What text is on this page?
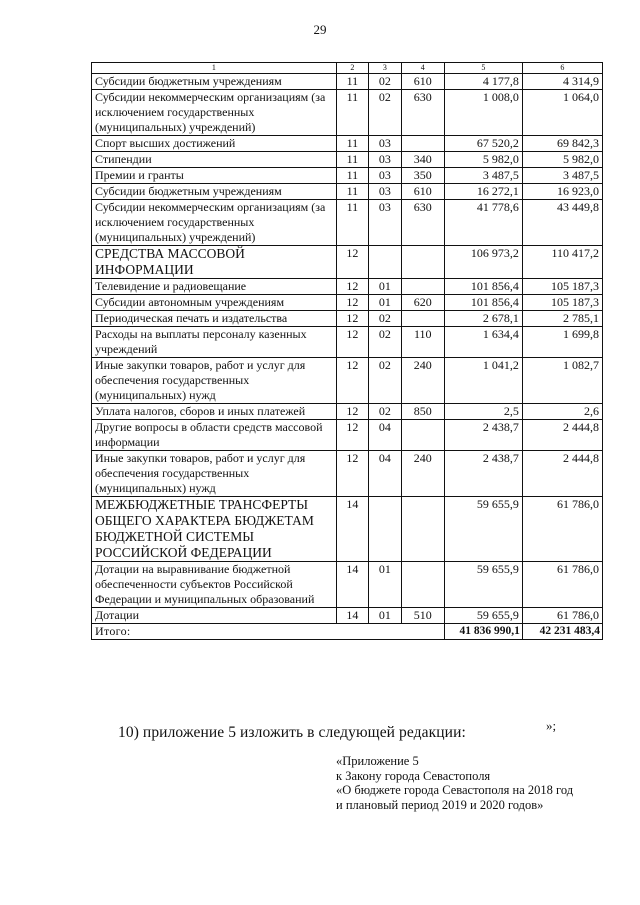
29
1	2	3	4	5	6
Субсидии бюджетным учреждениям	11	02	610	4 177,8	4 314,9
Субсидии некоммерческим организациям (за исключением государственных (муниципальных) учреждений)	11	02	630	1 008,0	1 064,0
Спорт высших достижений	11	03		67 520,2	69 842,3
Стипендии	11	03	340	5 982,0	5 982,0
Премии и гранты	11	03	350	3 487,5	3 487,5
Субсидии бюджетным учреждениям	11	03	610	16 272,1	16 923,0
Субсидии некоммерческим организациям (за исключением государственных (муниципальных) учреждений)	11	03	630	41 778,6	43 449,8
СРЕДСТВА МАССОВОЙ ИНФОРМАЦИИ	12			106 973,2	110 417,2
Телевидение и радиовещание	12	01		101 856,4	105 187,3
Субсидии автономным учреждениям	12	01	620	101 856,4	105 187,3
Периодическая печать и издательства	12	02		2 678,1	2 785,1
Расходы на выплаты персоналу казенных учреждений	12	02	110	1 634,4	1 699,8
Иные закупки товаров, работ и услуг для обеспечения государственных (муниципальных) нужд	12	02	240	1 041,2	1 082,7
Уплата налогов, сборов и иных платежей	12	02	850	2,5	2,6
Другие вопросы в области средств массовой информации	12	04		2 438,7	2 444,8
Иные закупки товаров, работ и услуг для обеспечения государственных (муниципальных) нужд	12	04	240	2 438,7	2 444,8
МЕЖБЮДЖЕТНЫЕ ТРАНСФЕРТЫ ОБЩЕГО ХАРАКТЕРА БЮДЖЕТАМ БЮДЖЕТНОЙ СИСТЕМЫ РОССИЙСКОЙ ФЕДЕРАЦИИ	14			59 655,9	61 786,0
Дотации на выравнивание бюджетной обеспеченности субъектов Российской Федерации и муниципальных образований	14	01		59 655,9	61 786,0
Дотации	14	01	510	59 655,9	61 786,0
Итого:				41 836 990,1	42 231 483,4
»;
10) приложение 5 изложить в следующей редакции:
«Приложение 5
к Закону города Севастополя
«О бюджете города Севастополя на 2018 год
и плановый период 2019 и 2020 годов»
